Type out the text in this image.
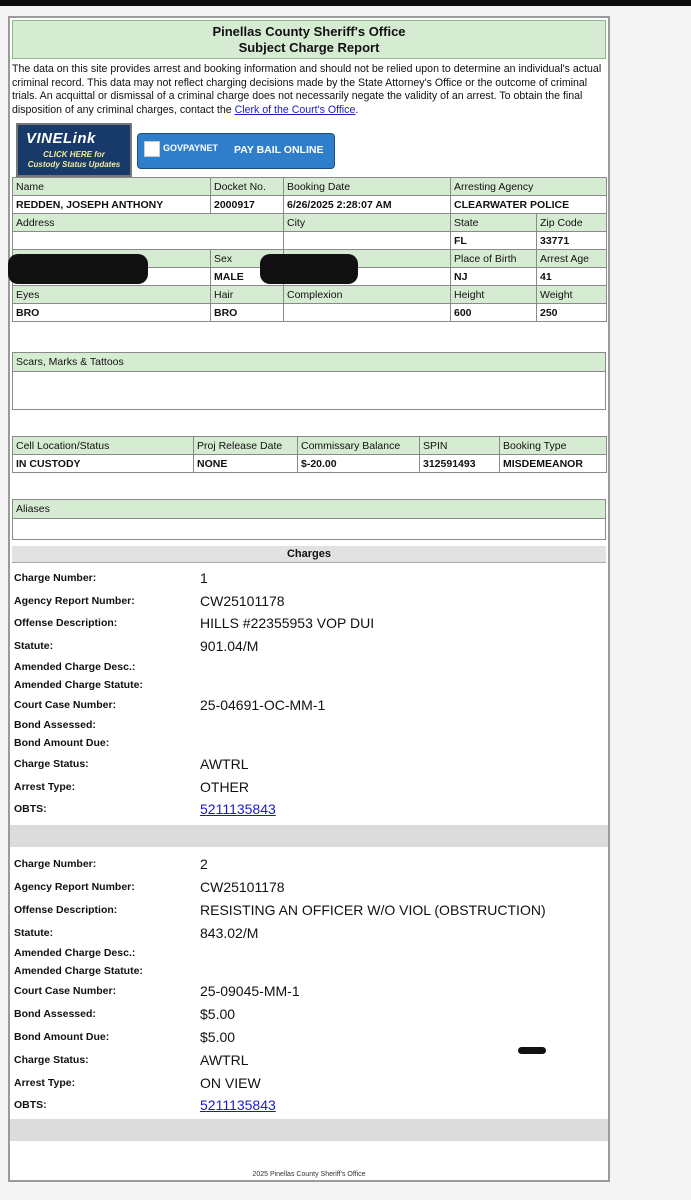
Pinellas County Sheriff's Office
Subject Charge Report
The data on this site provides arrest and booking information and should not be relied upon to determine an individual's actual criminal record. This data may not reflect charging decisions made by the State Attorney's Office or the outcome of criminal trials. An acquittal or dismissal of a criminal charge does not necessarily negate the validity of an arrest. To obtain the final disposition of any criminal charges, contact the Clerk of the Court's Office.
VINELink
CLICK HERE for
Custody Status Updates
GOVPAYNET PAY BAIL ONLINE
Name	Docket No.	Booking Date	Arresting Agency	
REDDEN, JOSEPH ANTHONY	2000917	6/26/2025 2:28:07 AM	CLEARWATER POLICE	
Address		City	State	Zip Code
			FL	33771
	Sex		Place of Birth	Arrest Age
	MALE		NJ	41
Eyes	Hair	Complexion	Height	Weight
BRO	BRO		600	250
Scars, Marks & Tattoos
Cell Location/Status	Proj Release Date	Commissary Balance	SPIN	Booking Type
IN CUSTODY	NONE	$-20.00	312591493	MISDEMEANOR
Aliases
Charges
Charge Number:	1
Agency Report Number:	CW25101178
Offense Description:	HILLS #22355953 VOP DUI
Statute:	901.04/M
Amended Charge Desc.:
Amended Charge Statute:
Court Case Number:	25-04691-OC-MM-1
Bond Assessed:
Bond Amount Due:
Charge Status:	AWTRL
Arrest Type:	OTHER
OBTS:	5211135843
Charge Number:	2
Agency Report Number:	CW25101178
Offense Description:	RESISTING AN OFFICER W/O VIOL (OBSTRUCTION)
Statute:	843.02/M
Amended Charge Desc.:
Amended Charge Statute:
Court Case Number:	25-09045-MM-1
Bond Assessed:	$5.00
Bond Amount Due:	$5.00
Charge Status:	AWTRL
Arrest Type:	ON VIEW
OBTS:	5211135843
2025 Pinellas County Sheriff's Office
